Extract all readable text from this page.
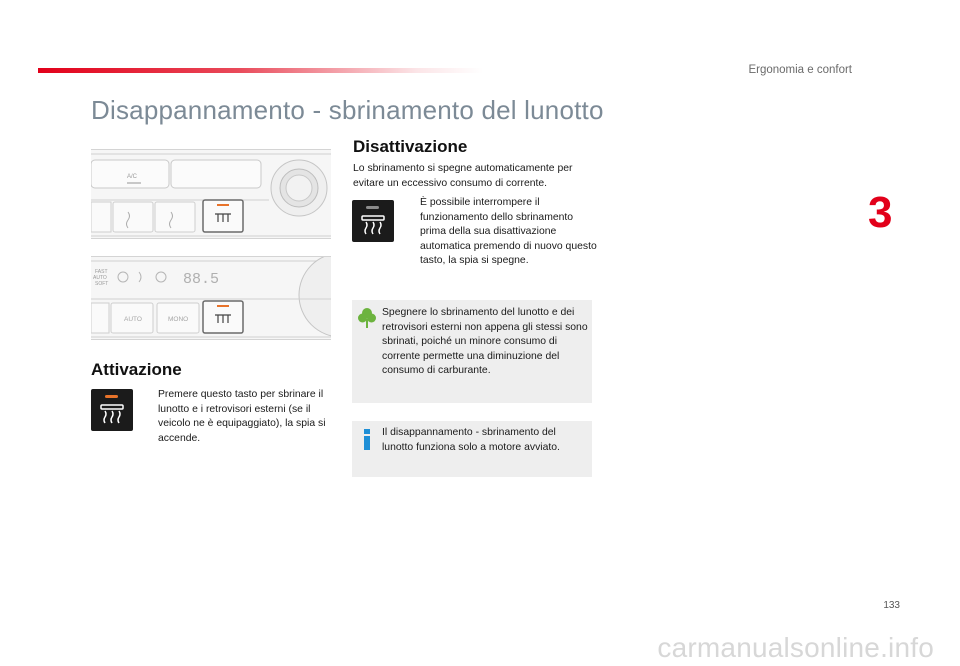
Ergonomia e confort
Disappannamento - sbrinamento del lunotto
3
A/C
FAST
AUTO
SOFT	88.5
AUTO	MONO
Attivazione

Premere questo tasto per sbrinare il lunotto e i retrovisori esterni (se il veicolo ne è equipaggiato), la spia si accende.

Disattivazione

Lo sbrinamento si spegne automaticamente per evitare un eccessivo consumo di corrente.

È possibile interrompere il funzionamento dello sbrinamento prima della sua disattivazione automatica premendo di nuovo questo tasto, la spia si spegne.

Spegnere lo sbrinamento del lunotto e dei retrovisori esterni non appena gli stessi sono sbrinati, poiché un minore consumo di corrente permette una diminuzione del consumo di carburante.

Il disappannamento - sbrinamento del lunotto funziona solo a motore avviato.

133
carmanualsonline.info
